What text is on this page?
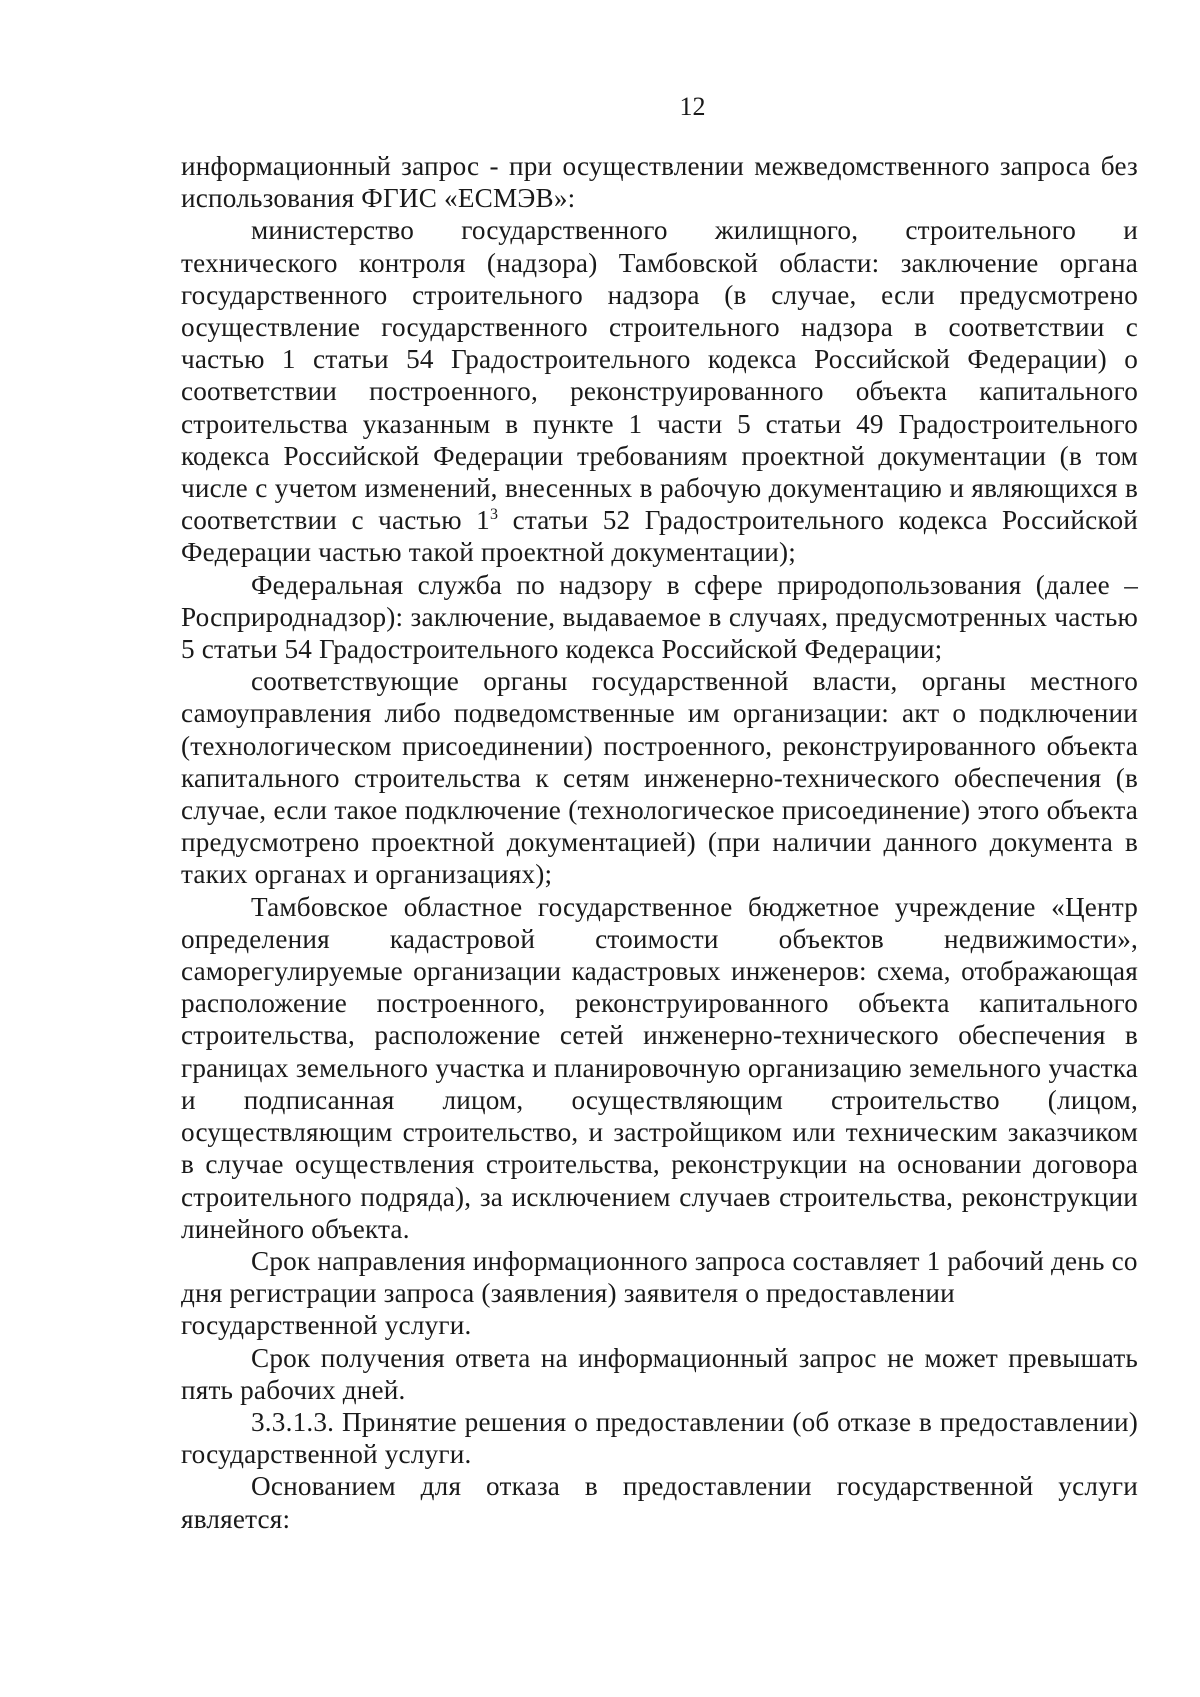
12

информационный запрос - при осуществлении межведомственного запроса без использования ФГИС «ЕСМЭВ»:

министерство государственного жилищного, строительного и технического контроля (надзора) Тамбовской области: заключение органа государственного строительного надзора (в случае, если предусмотрено осуществление государственного строительного надзора в соответствии с частью 1 статьи 54 Градостроительного кодекса Российской Федерации) о соответствии построенного, реконструированного объекта капитального строительства указанным в пункте 1 части 5 статьи 49 Градостроительного кодекса Российской Федерации требованиям проектной документации (в том числе с учетом изменений, внесенных в рабочую документацию и являющихся в соответствии с частью $1^3$ статьи 52 Градостроительного кодекса Российской Федерации частью такой проектной документации);

Федеральная служба по надзору в сфере природопользования (далее – Росприроднадзор): заключение, выдаваемое в случаях, предусмотренных частью 5 статьи 54 Градостроительного кодекса Российской Федерации;

соответствующие органы государственной власти, органы местного самоуправления либо подведомственные им организации: акт о подключении (технологическом присоединении) построенного, реконструированного объекта капитального строительства к сетям инженерно-технического обеспечения (в случае, если такое подключение (технологическое присоединение) этого объекта предусмотрено проектной документацией) (при наличии данного документа в таких органах и организациях);

Тамбовское областное государственное бюджетное учреждение «Центр определения кадастровой стоимости объектов недвижимости», саморегулируемые организации кадастровых инженеров: схема, отображающая расположение построенного, реконструированного объекта капитального строительства, расположение сетей инженерно-технического обеспечения в границах земельного участка и планировочную организацию земельного участка и подписанная лицом, осуществляющим строительство (лицом, осуществляющим строительство, и застройщиком или техническим заказчиком в случае осуществления строительства, реконструкции на основании договора строительного подряда), за исключением случаев строительства, реконструкции линейного объекта.

Срок направления информационного запроса составляет 1 рабочий день со дня регистрации запроса (заявления) заявителя о предоставлении государственной услуги.

Срок получения ответа на информационный запрос не может превышать пять рабочих дней.

3.3.1.3. Принятие решения о предоставлении (об отказе в предоставлении) государственной услуги.

Основанием для отказа в предоставлении государственной услуги является:
